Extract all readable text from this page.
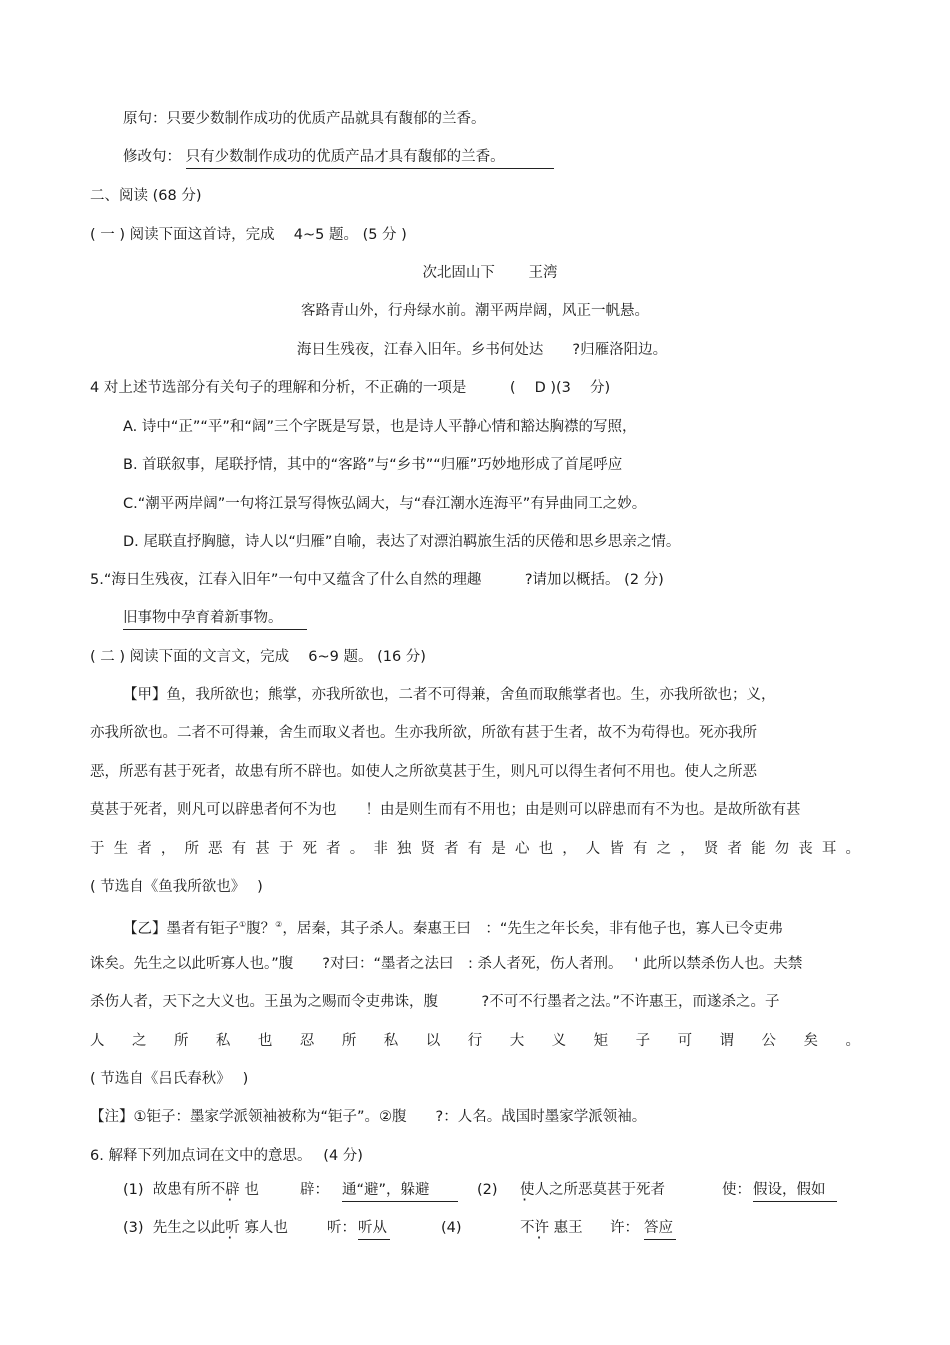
原句：只要少数制作成功的优质产品就具有馥郁的兰香。
修改句： 只有少数制作成功的优质产品才具有馥郁的兰香。
二、阅读 (68 分)
( 一 ) 阅读下面这首诗，完成　 4~5 题。 (5 分 )
次北固山下　　 王湾
客路青山外，行舟绿水前。潮平两岸阔，风正一帆悬。
海日生残夜，江春入旧年。乡书何处达　　?归雁洛阳边。
4 对上述节选部分有关句子的理解和分析，不正确的一项是　　　(　 D )(3　 分)
A. 诗中“正”“平”和“阔”三个字既是写景，也是诗人平静心情和豁达胸襟的写照，
B. 首联叙事，尾联抒情，其中的“客路”与“乡书”“归雁”巧妙地形成了首尾呼应
C.“潮平两岸阔”一句将江景写得恢弘阔大，与“春江潮水连海平”有异曲同工之妙。
D. 尾联直抒胸臆，诗人以“归雁”自喻，表达了对漂泊羁旅生活的厌倦和思乡思亲之情。
5.“海日生残夜，江春入旧年”一句中又蕴含了什么自然的理趣　　　?请加以概括。 (2 分)
旧事物中孕育着新事物。
( 二 ) 阅读下面的文言文，完成　 6~9 题。 (16 分)
【甲】鱼，我所欲也；熊掌，亦我所欲也，二者不可得兼，舍鱼而取熊掌者也。生，亦我所欲也；义，
亦我所欲也。二者不可得兼，舍生而取义者也。生亦我所欲，所欲有甚于生者，故不为苟得也。死亦我所
恶，所恶有甚于死者，故患有所不辟也。如使人之所欲莫甚于生，则凡可以得生者何不用也。使人之所恶
莫甚于死者，则凡可以辟患者何不为也　　！由是则生而有不用也；由是则可以辟患而有不为也。是故所欲有甚
于 生 者 ， 所 恶 有 甚 于 死 者 。 非 独 贤 者 有 是 心 也 ， 人 皆 有 之 ， 贤 者 能 勿 丧 耳 。
( 节选自《鱼我所欲也》　 )
【乙】墨者有钜子①腹？②，居秦，其子杀人。秦惠王曰　：“先生之年长矣，非有他子也，寡人已令吏弗
诛矣。先生之以此听寡人也。”腹　　?对曰：“墨者之法曰　: 杀人者死，伤人者刑。　 ' 此所以禁杀伤人也。夫禁
杀伤人者，天下之大义也。王虽为之赐而令吏弗诛，腹　　　?不可不行墨者之法。”不许惠王，而遂杀之。子
人 之 所 私 也 忍 所 私 以 行 大 义 矩 子 可 谓 公 矣 。
( 节选自《吕氏春秋》　 )
【注】①钜子：墨家学派领袖被称为“钜子”。②腹　　?：人名。战国时墨家学派领袖。
6. 解释下列加点词在文中的意思。　 (4 分)
(1) 故患有所不辟 也	辟： 通“避”，躲避	(2) 使人之所恶莫甚于死者	使： 假设，假如
(3) 先生之以此听 寡人也	听： 听从	(4)	不许 惠王 许： 答应
